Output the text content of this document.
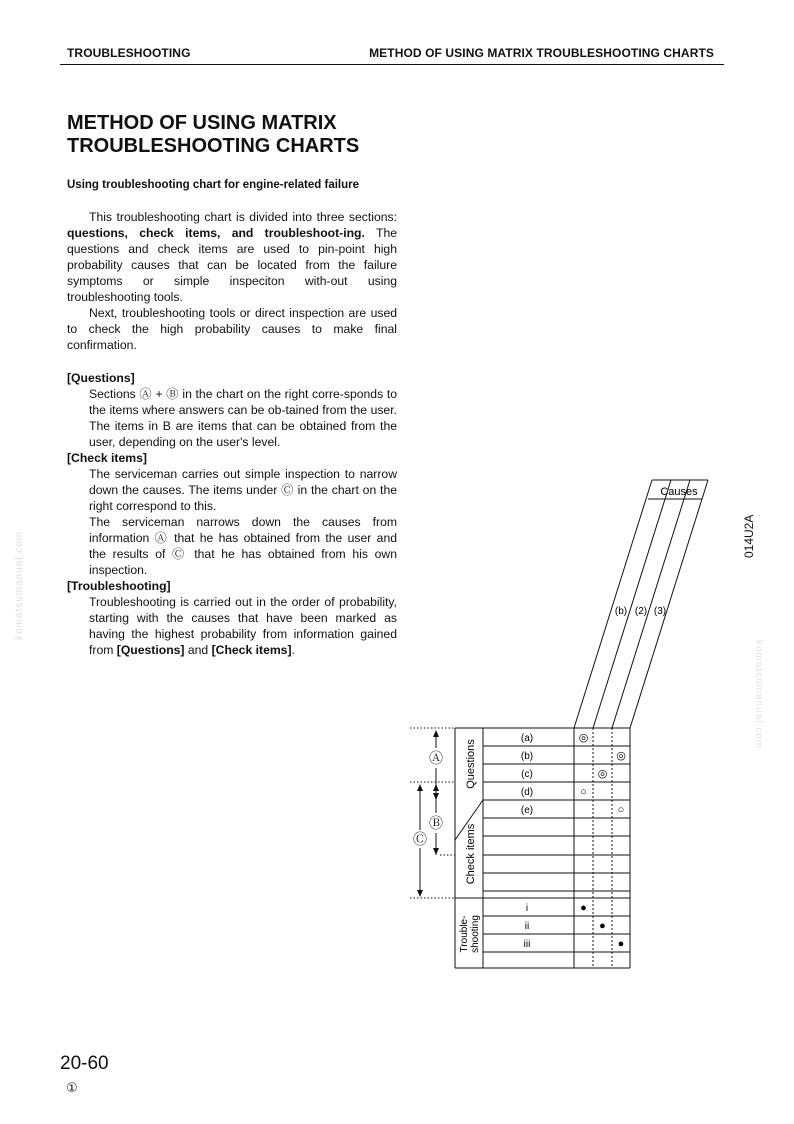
TROUBLESHOOTING	METHOD OF USING MATRIX TROUBLESHOOTING CHARTS
METHOD OF USING MATRIX
TROUBLESHOOTING CHARTS
Using troubleshooting chart for engine-related failure

This troubleshooting chart is divided into three sections: questions, check items, and troubleshoot-ing. The questions and check items are used to pin-point high probability causes that can be located from the failure symptoms or simple inspeciton with-out using troubleshooting tools.

Next, troubleshooting tools or direct inspection are used to check the high probability causes to make final confirmation.

[Questions]

Sections Ⓐ + Ⓑ in the chart on the right corre-sponds to the items where answers can be ob-tained from the user. The items in B are items that can be obtained from the user, depending on the user's level.

[Check items]

The serviceman carries out simple inspection to narrow down the causes. The items under Ⓒ in the chart on the right correspond to this.

The serviceman narrows down the causes from information Ⓐ that he has obtained from the user and the results of Ⓒ that he has obtained from his own inspection.

[Troubleshooting]

Troubleshooting is carried out in the order of probability, starting with the causes that have been marked as having the highest probability from information gained from [Questions] and [Check items].

Ⓐ
Ⓑ
Ⓒ
Questions
Check items
Trouble- shooting
Causes
(b) (2) (3)
(a)
(b)
(c)
(d)
(e)
i
ii
iii
◎
◎
◎
○
○
●
●
●
014U2A
komatsumanual.com
komatsumanual.com
20-60
①
